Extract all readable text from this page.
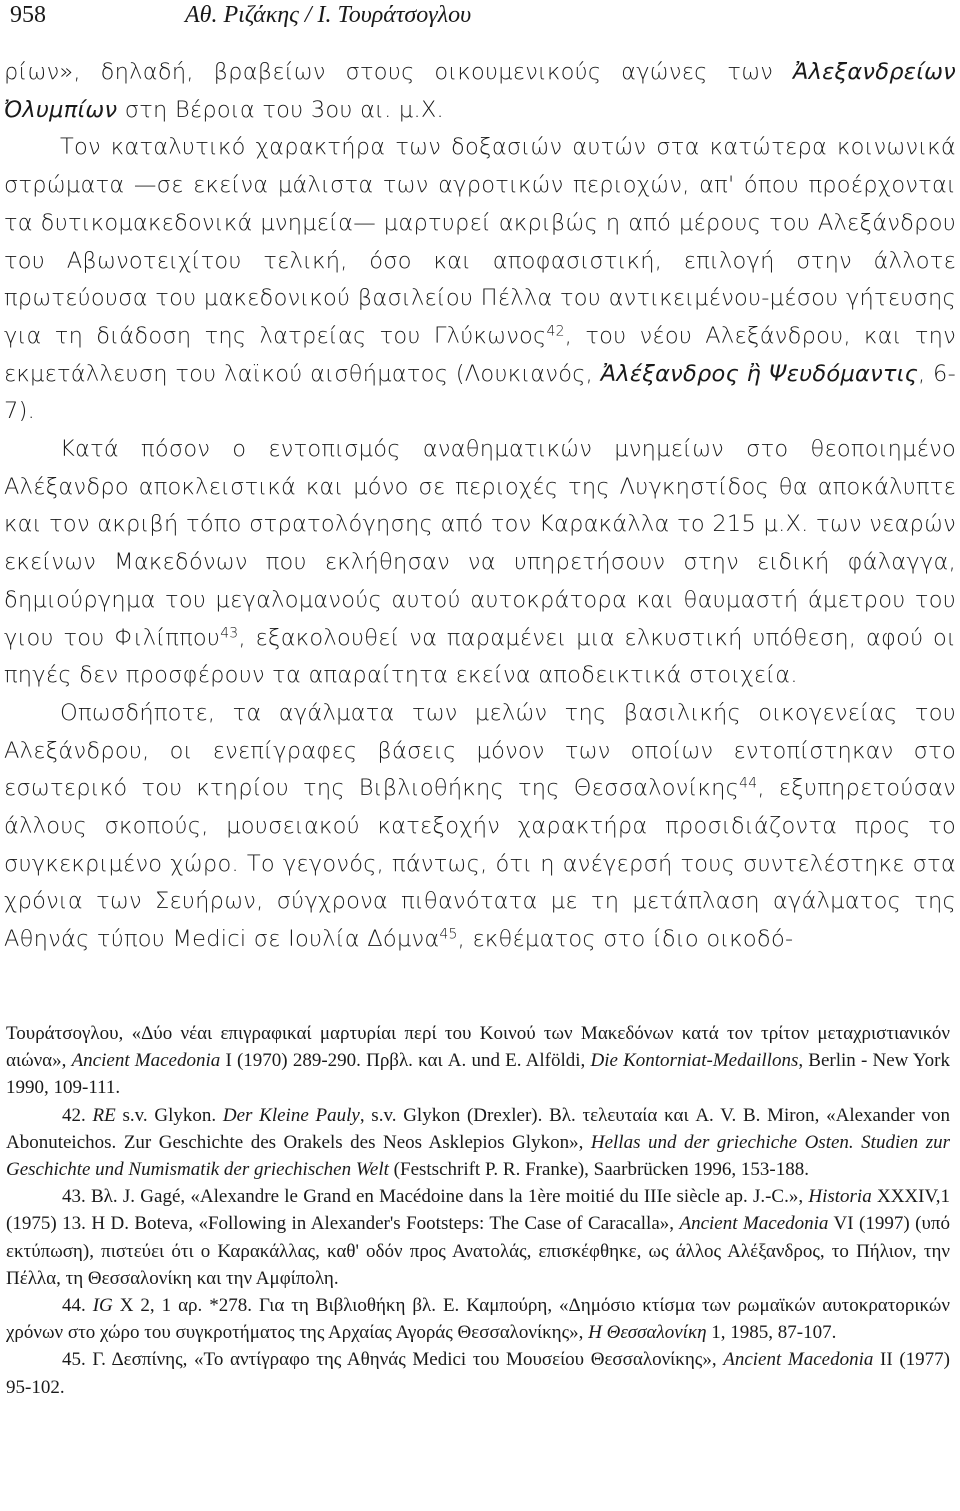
958	Αθ. Ριζάκης / Ι. Τουράτσογλου

ρίων», δηλαδή, βραβείων στους οικουμενικούς αγώνες των Ἀλεξανδρείων Ὀλυμπίων στη Βέροια του 3ου αι. μ.Χ.

Τον καταλυτικό χαρακτήρα των δοξασιών αυτών στα κατώτερα κοινωνικά στρώματα —σε εκείνα μάλιστα των αγροτικών περιοχών, απ' όπου προέρχονται τα δυτικομακεδονικά μνημεία— μαρτυρεί ακριβώς η από μέρους του Αλεξάνδρου του Αβωνοτειχίτου τελική, όσο και αποφασιστική, επιλογή στην άλλοτε πρωτεύουσα του μακεδονικού βασιλείου Πέλλα του αντικειμένου-μέσου γήτευσης για τη διάδοση της λατρείας του Γλύκωνος$^{42}$, του νέου Αλεξάνδρου, και την εκμετάλλευση του λαϊκού αισθήματος (Λουκιανός, Ἀλέξανδρος ἢ Ψευδόμαντις, 6-7).

Κατά πόσον ο εντοπισμός αναθηματικών μνημείων στο θεοποιημένο Αλέξανδρο αποκλειστικά και μόνο σε περιοχές της Λυγκηστίδος θα αποκάλυπτε και τον ακριβή τόπο στρατολόγησης από τον Καρακάλλα το 215 μ.Χ. των νεαρών εκείνων Μακεδόνων που εκλήθησαν να υπηρετήσουν στην ειδική φάλαγγα, δημιούργημα του μεγαλομανούς αυτού αυτοκράτορα και θαυμαστή άμετρου του γιου του Φιλίππου$^{43}$, εξακολουθεί να παραμένει μια ελκυστική υπόθεση, αφού οι πηγές δεν προσφέρουν τα απαραίτητα εκείνα αποδεικτικά στοιχεία.

Οπωσδήποτε, τα αγάλματα των μελών της βασιλικής οικογενείας του Αλεξάνδρου, οι ενεπίγραφες βάσεις μόνον των οποίων εντοπίστηκαν στο εσωτερικό του κτηρίου της Βιβλιοθήκης της Θεσσαλονίκης$^{44}$, εξυπηρετούσαν άλλους σκοπούς, μουσειακού κατεξοχήν χαρακτήρα προσιδιάζοντα προς το συγκεκριμένο χώρο. Το γεγονός, πάντως, ότι η ανέγερσή τους συντελέστηκε στα χρόνια των Σευήρων, σύγχρονα πιθανότατα με τη μετάπλαση αγάλματος της Αθηνάς τύπου Medici σε Ιουλία Δόμνα$^{45}$, εκθέματος στο ίδιο οικοδό-

Τουράτσογλου, «Δύο νέαι επιγραφικαί μαρτυρίαι περί του Κοινού των Μακεδόνων κατά τον τρίτον μεταχριστιανικόν αιώνα», Ancient Macedonia I (1970) 289-290. Πρβλ. και A. und E. Alföldi, Die Kontorniat-Medaillons, Berlin - New York 1990, 109-111.

42. RE s.v. Glykon. Der Kleine Pauly, s.v. Glykon (Drexler). Βλ. τελευταία και A. V. B. Miron, «Alexander von Abonuteichos. Zur Geschichte des Orakels des Neos Asklepios Glykon», Hellas und der griechiche Osten. Studien zur Geschichte und Numismatik der griechischen Welt (Festschrift P. R. Franke), Saarbrücken 1996, 153-188.

43. Βλ. J. Gagé, «Alexandre le Grand en Macédoine dans la 1ère moitié du IIIe siècle ap. J.-C.», Historia XXXIV,1 (1975) 13. H D. Boteva, «Following in Alexander's Footsteps: The Case of Caracalla», Ancient Macedonia VI (1997) (υπό εκτύπωση), πιστεύει ότι ο Καρακάλλας, καθ' οδόν προς Ανατολάς, επισκέφθηκε, ως άλλος Αλέξανδρος, το Πήλιον, την Πέλλα, τη Θεσσαλονίκη και την Αμφίπολη.

44. IG X 2, 1 αρ. *278. Για τη Βιβλιοθήκη βλ. Ε. Καμπούρη, «Δημόσιο κτίσμα των ρωμαϊκών αυτοκρατορικών χρόνων στο χώρο του συγκροτήματος της Αρχαίας Αγοράς Θεσσαλονίκης», Η Θεσσαλονίκη 1, 1985, 87-107.

45. Γ. Δεσπίνης, «Το αντίγραφο της Αθηνάς Medici του Μουσείου Θεσσαλονίκης», Ancient Macedonia II (1977) 95-102.
